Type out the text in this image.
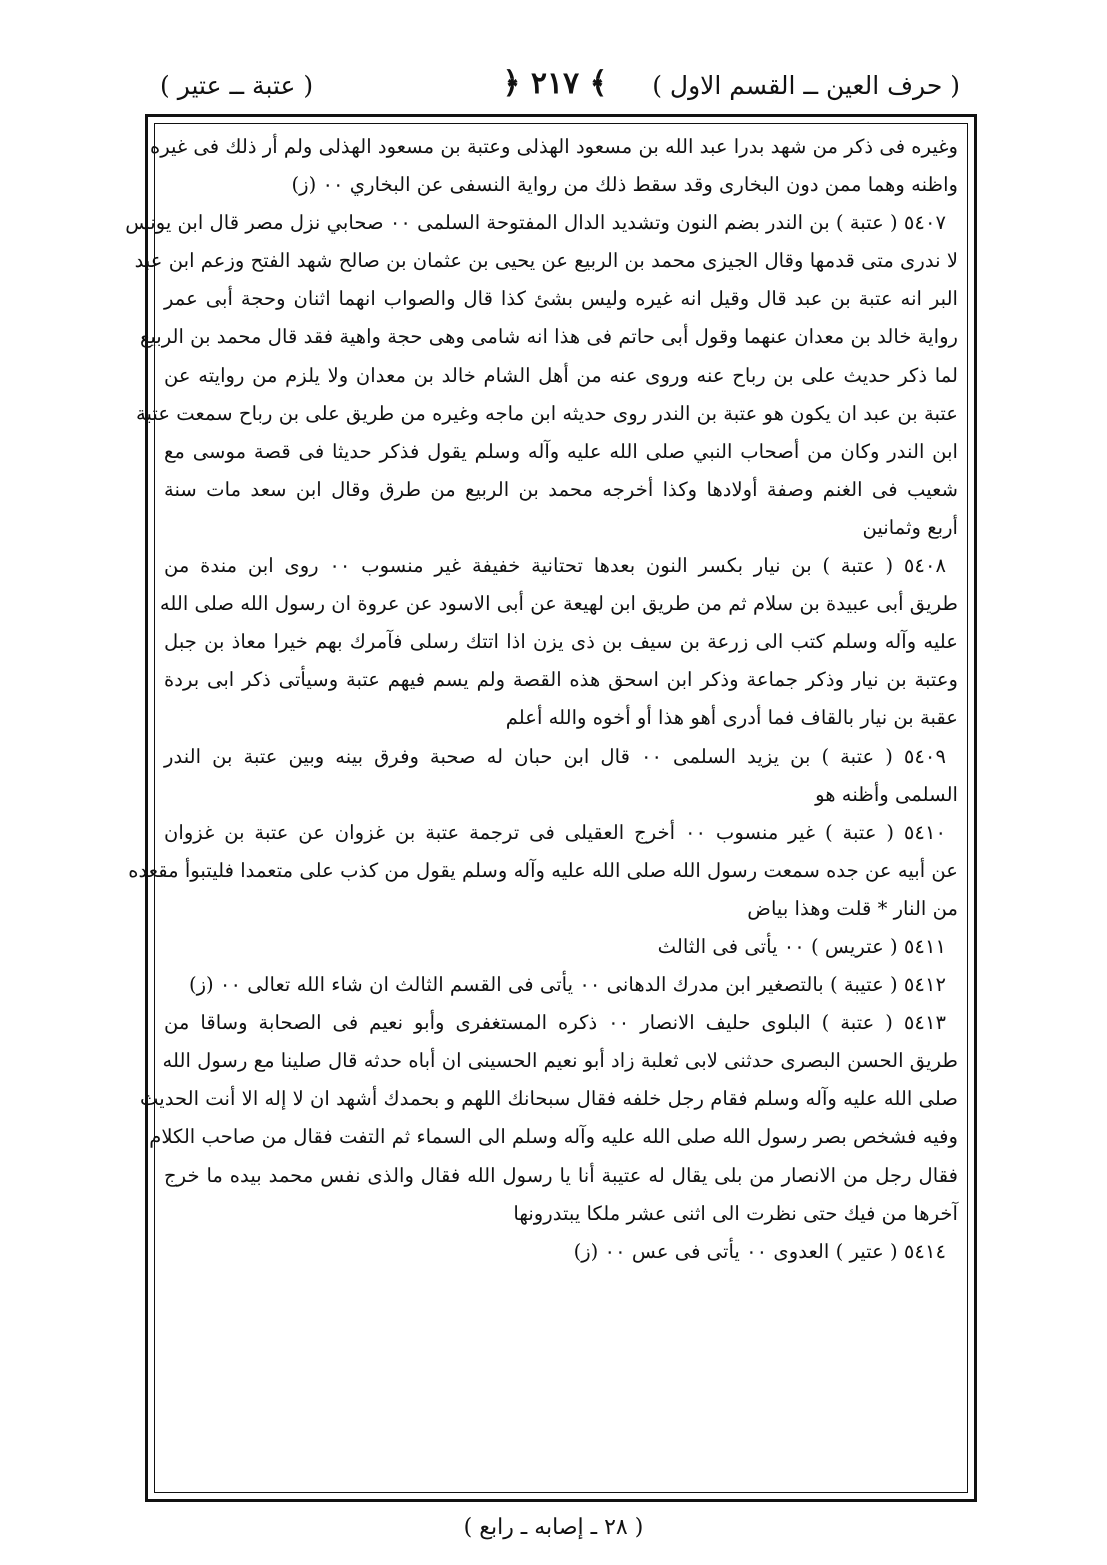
( حرف العين ــ القسم الاول )
﴿ ٢١٧ ﴾
( عتبة ــ عتير )
وغيره فى ذكر من شهد بدرا عبد الله بن مسعود الهذلى وعتبة بن مسعود الهذلى ولم أر ذلك فى غيره
واظنه وهما ممن دون البخارى وقد سقط ذلك من رواية النسفى عن البخاري ٠٠ (ز)
٥٤٠٧ ( عتبة ) بن الندر بضم النون وتشديد الدال المفتوحة السلمى ٠٠ صحابي نزل مصر قال ابن يونس
لا ندرى متى قدمها وقال الجيزى محمد بن الربيع عن يحيى بن عثمان بن صالح شهد الفتح وزعم ابن عبد
البر انه عتبة بن عبد قال وقيل انه غيره وليس بشئ كذا قال والصواب انهما اثنان وحجة أبى عمر
رواية خالد بن معدان عنهما وقول أبى حاتم فى هذا انه شامى وهى حجة واهية فقد قال محمد بن الربيع
لما ذكر حديث على بن رباح عنه وروى عنه من أهل الشام خالد بن معدان ولا يلزم من روايته عن
عتبة بن عبد ان يكون هو عتبة بن الندر روى حديثه ابن ماجه وغيره من طريق على بن رباح سمعت عتبة
ابن الندر وكان من أصحاب النبي صلى الله عليه وآله وسلم يقول فذكر حديثا فى قصة موسى مع
شعيب فى الغنم وصفة أولادها وكذا أخرجه محمد بن الربيع من طرق وقال ابن سعد مات سنة
أربع وثمانين
٥٤٠٨ ( عتبة ) بن نيار بكسر النون بعدها تحتانية خفيفة غير منسوب ٠٠ روى ابن مندة من
طريق أبى عبيدة بن سلام ثم من طريق ابن لهيعة عن أبى الاسود عن عروة ان رسول الله صلى الله
عليه وآله وسلم كتب الى زرعة بن سيف بن ذى يزن اذا اتتك رسلى فآمرك بهم خيرا معاذ بن جبل
وعتبة بن نيار وذكر جماعة وذكر ابن اسحق هذه القصة ولم يسم فيهم عتبة وسيأتى ذكر ابى بردة
عقبة بن نيار بالقاف فما أدرى أهو هذا أو أخوه والله أعلم
٥٤٠٩ ( عتبة ) بن يزيد السلمى ٠٠ قال ابن حبان له صحبة وفرق بينه وبين عتبة بن الندر
السلمى وأظنه هو
٥٤١٠ ( عتبة ) غير منسوب ٠٠ أخرج العقيلى فى ترجمة عتبة بن غزوان عن عتبة بن غزوان
عن أبيه عن جده سمعت رسول الله صلى الله عليه وآله وسلم يقول من كذب على متعمدا فليتبوأ مقعده
من النار * قلت وهذا بياض
٥٤١١ ( عتريس ) ٠٠ يأتى فى الثالث
٥٤١٢ ( عتيبة ) بالتصغير ابن مدرك الدهانى ٠٠ يأتى فى القسم الثالث ان شاء الله تعالى ٠٠ (ز)
٥٤١٣ ( عتبة ) البلوى حليف الانصار ٠٠ ذكره المستغفرى وأبو نعيم فى الصحابة وساقا من
طريق الحسن البصرى حدثنى لابى ثعلبة زاد أبو نعيم الحسينى ان أباه حدثه قال صلينا مع رسول الله
صلى الله عليه وآله وسلم فقام رجل خلفه فقال سبحانك اللهم و بحمدك أشهد ان لا إله الا أنت الحديث
وفيه فشخص بصر رسول الله صلى الله عليه وآله وسلم الى السماء ثم التفت فقال من صاحب الكلام
فقال رجل من الانصار من بلى يقال له عتيبة أنا يا رسول الله فقال والذى نفس محمد بيده ما خرج
آخرها من فيك حتى نظرت الى اثنى عشر ملكا يبتدرونها
٥٤١٤ ( عتير ) العدوى ٠٠ يأتى فى عس ٠٠ (ز)
( ٢٨ ـ إصابه ـ رابع )
